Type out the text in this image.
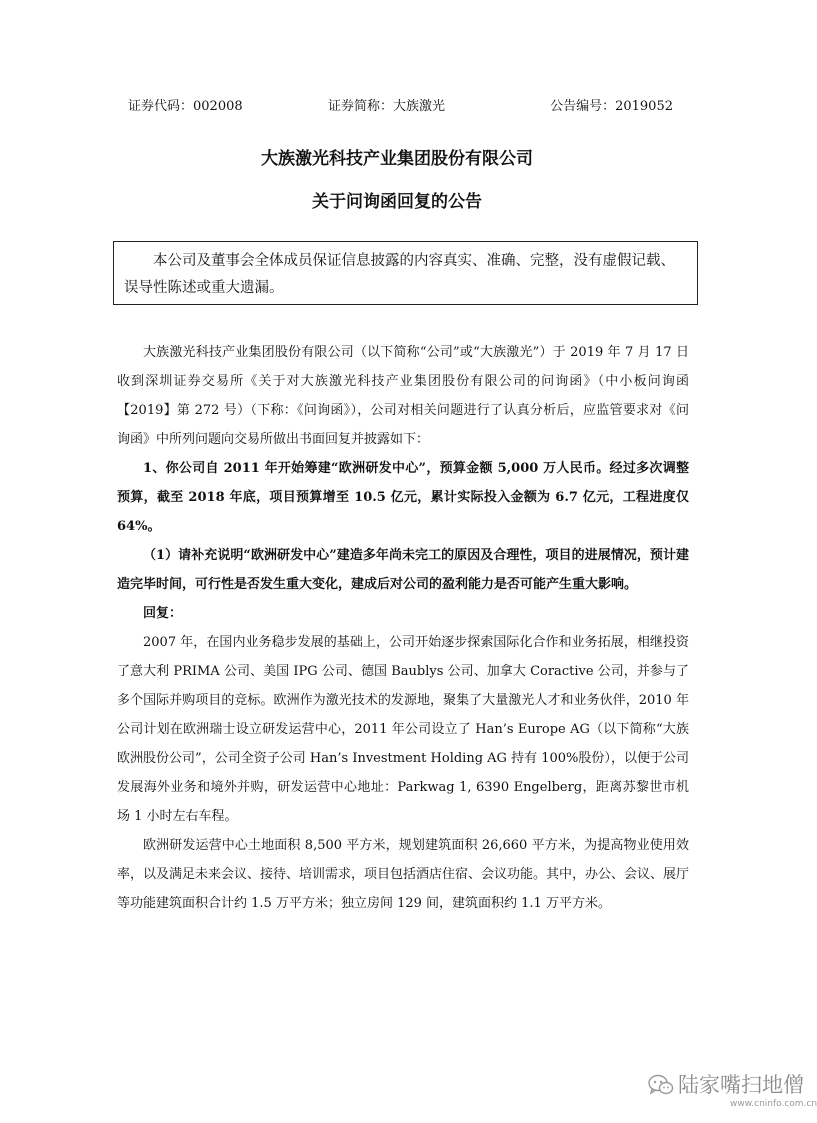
证券代码：002008	证券简称：大族激光	公告编号：2019052
大族激光科技产业集团股份有限公司
关于问询函回复的公告
本公司及董事会全体成员保证信息披露的内容真实、准确、完整，没有虚假记载、误导性陈述或重大遗漏。

大族激光科技产业集团股份有限公司（以下简称“公司”或“大族激光”）于 2019 年 7 月 17 日收到深圳证券交易所《关于对大族激光科技产业集团股份有限公司的问询函》（中小板问询函【2019】第 272 号）（下称：《问询函》），公司对相关问题进行了认真分析后，应监管要求对《问询函》中所列问题向交易所做出书面回复并披露如下：

1、你公司自 2011 年开始筹建“欧洲研发中心”，预算金额 5,000 万人民币。经过多次调整预算，截至 2018 年底，项目预算增至 10.5 亿元，累计实际投入金额为 6.7 亿元，工程进度仅 64%。

（1）请补充说明“欧洲研发中心”建造多年尚未完工的原因及合理性，项目的进展情况，预计建造完毕时间，可行性是否发生重大变化，建成后对公司的盈利能力是否可能产生重大影响。

回复：

2007 年，在国内业务稳步发展的基础上，公司开始逐步探索国际化合作和业务拓展，相继投资了意大利 PRIMA 公司、美国 IPG 公司、德国 Baublys 公司、加拿大 Coractive 公司，并参与了多个国际并购项目的竞标。欧洲作为激光技术的发源地，聚集了大量激光人才和业务伙伴，2010 年公司计划在欧洲瑞士设立研发运营中心，2011 年公司设立了 Han’s Europe AG（以下简称“大族欧洲股份公司”，公司全资子公司 Han’s Investment Holding AG 持有 100%股份），以便于公司发展海外业务和境外并购，研发运营中心地址：Parkwag 1, 6390 Engelberg，距离苏黎世市机场 1 小时左右车程。

欧洲研发运营中心土地面积 8,500 平方米，规划建筑面积 26,660 平方米，为提高物业使用效率，以及满足未来会议、接待、培训需求，项目包括酒店住宿、会议功能。其中，办公、会议、展厅等功能建筑面积合计约 1.5 万平方米；独立房间 129 间，建筑面积约 1.1 万平方米。

陆家嘴扫地僧
www.cninfo.com.cn
